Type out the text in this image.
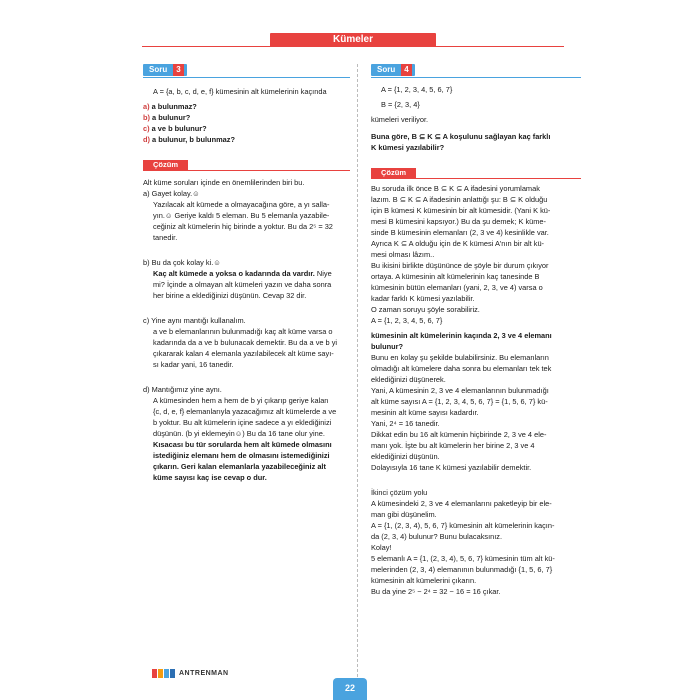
Kümeler
Soru 3

A = {a, b, c, d, e, f} kümesinin alt kümelerinin kaçında

a) a bulunmaz?

b) a bulunur?

c) a ve b bulunur?

d) a bulunur, b bulunmaz?

Çözüm

Alt küme soruları içinde en önemlilerinden biri bu.

a) Gayet kolay.☺

Yazılacak alt kümede a olmayacağına göre, a yı salla-

yın.☺ Geriye kaldı 5 eleman. Bu 5 elemanla yazabile-

ceğiniz alt kümelerin hiç birinde a yoktur. Bu da 2⁵ = 32

tanedir.

b) Bu da çok kolay ki.☺

Kaç alt kümede a yoksa o kadarında da vardır. Niye

mi? İçinde a olmayan alt kümeleri yazın ve daha sonra

her birine a ekledi​ğinizi düşünün. Cevap 32 dir.

c) Yine aynı mantığı kullanalım.

a ve b elemanlarının bulunmadığı kaç alt küme varsa o

kadarında da a ve b bulunacak demektir. Bu da a ve b yi

çıkararak kalan 4 elemanla yazılabilecek alt küme sayı-

sı kadar yani, 16 tanedir.

d) Mantığımız yine aynı.

A kümesinden hem a hem de b yi çıkarıp geriye kalan

{c, d, e, f} elemanlarıyla yazacağımız alt kümelerde a ve

b yoktur. Bu alt kümelerin içine sadece a yı eklediğinizi

düşünün. (b yi eklemeyin☺) Bu da 16 tane olur yine.

Kısacası bu tür sorularda hem alt kümede olmasını

istediğiniz elemanı hem de olmasını istemediğinizi

çıkarın. Geri kalan elemanlarla yazabileceğiniz alt

küme sayısı kaç ise cevap o dur.

Soru 4

A = {1, 2, 3, 4, 5, 6, 7}

B = {2, 3, 4}

kümeleri veriliyor.

Buna göre, B ⊆ K ⊆ A koşulunu sağlayan kaç farklı

K kümesi yazılabilir?

Çözüm

Bu soruda ilk önce B ⊆ K ⊆ A ifadesini yorumlamak

lazım. B ⊆ K ⊆ A ifadesinin anlattığı şu: B ⊆ K olduğu

için B kümesi K kümesinin bir alt kümesidir. (Yani K kü-

mesi B kümesini kapsıyor.) Bu da şu demek; K küme-

sinde B kümesinin elemanları (2, 3 ve 4) kesinlikle var.

Ayrıca K ⊆ A olduğu için de K kümesi A'nın bir alt kü-

mesi olması lâzım..

Bu ikisini birlikte düşününce de şöyle bir durum çıkıyor

ortaya. A kümesinin alt kümelerinin kaç tanesinde B

kümesinin bütün elemanları (yani, 2, 3, ve 4) varsa o

kadar farklı K kümesi yazılabilir.

O zaman soruyu şöyle sorabiliriz.

A = {1, 2, 3, 4, 5, 6, 7}

kümesinin alt kümelerinin kaçında 2, 3 ve 4 elemanı

bulunur?

Bunu en kolay şu şekilde bulabilirsiniz. Bu elemanların

olmadığı alt kümelere daha sonra bu elemanları tek tek

eklediğinizi düşünerek.

Yani, A kümesinin 2, 3 ve 4 elemanlarının bulunmadığı

alt küme sayısı A = {1, 2, 3, 4, 5, 6, 7} = {1, 5, 6, 7} kü-

mesinin alt küme sayısı kadardır.

Yani, 2⁴ = 16 tanedir.

Dikkat edin bu 16 alt kümenin hiçbirinde 2, 3 ve 4 ele-

manı yok. İşte bu alt kümelerin her birine 2, 3 ve 4

eklediğinizi düşünün.

Dolayısıyla 16 tane K kümesi yazılabilir demektir.

İkinci çözüm yolu

A kümesindeki 2, 3 ve 4 elemanlarını paketleyip bir ele-

man gibi düşünelim.

A = {1, (2, 3, 4), 5, 6, 7} kümesinin alt kümelerinin kaçın-

da (2, 3, 4) bulunur? Bunu bulacaksınız.

Kolay!

5 elemanlı A = {1, (2, 3, 4), 5, 6, 7} kümesinin tüm alt kü-

melerinden (2, 3, 4) elemanının bulunmadığı {1, 5, 6, 7}

kümesinin alt kümelerini çıkarın.

Bu da yine 2⁵ − 2⁴ = 32 − 16 = 16 çıkar.

ANTRENMAN
22
